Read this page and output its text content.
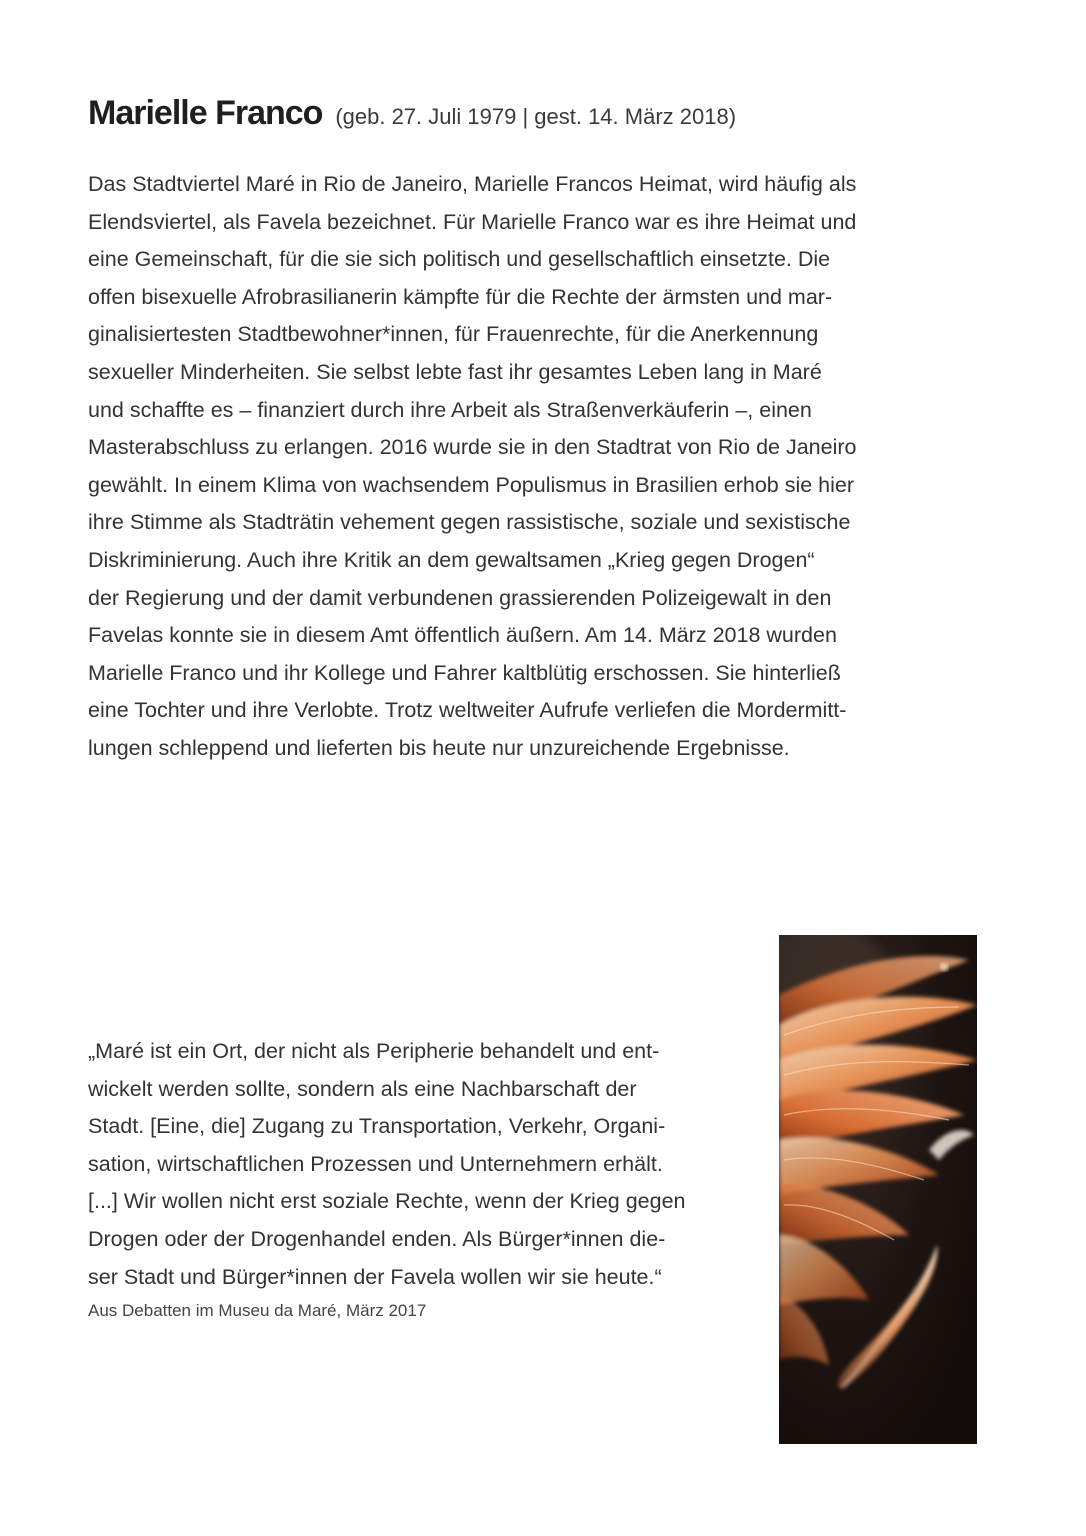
Marielle Franco (geb. 27. Juli 1979 | gest. 14. März 2018)

Das Stadtviertel Maré in Rio de Janeiro, Marielle Francos Heimat, wird häufig als
Elendsviertel, als Favela bezeichnet. Für Marielle Franco war es ihre Heimat und
eine Gemeinschaft, für die sie sich politisch und gesellschaftlich einsetzte. Die
offen bisexuelle Afrobrasilianerin kämpfte für die Rechte der ärmsten und mar-
ginalisiertesten Stadtbewohner*innen, für Frauenrechte, für die Anerkennung
sexueller Minderheiten. Sie selbst lebte fast ihr gesamtes Leben lang in Maré
und schaffte es – finanziert durch ihre Arbeit als Straßenverkäuferin –, einen
Masterabschluss zu erlangen. 2016 wurde sie in den Stadtrat von Rio de Janeiro
gewählt. In einem Klima von wachsendem Populismus in Brasilien erhob sie hier
ihre Stimme als Stadträtin vehement gegen rassistische, soziale und sexistische
Diskriminierung. Auch ihre Kritik an dem gewaltsamen „Krieg gegen Drogen“
der Regierung und der damit verbundenen grassierenden Polizeigewalt in den
Favelas konnte sie in diesem Amt öffentlich äußern. Am 14. März 2018 wurden
Marielle Franco und ihr Kollege und Fahrer kaltblütig erschossen. Sie hinterließ
eine Tochter und ihre Verlobte. Trotz weltweiter Aufrufe verliefen die Mordermitt-
lungen schleppend und lieferten bis heute nur unzureichende Ergebnisse.

„Maré ist ein Ort, der nicht als Peripherie behandelt und ent-
wickelt werden sollte, sondern als eine Nachbarschaft der
Stadt. [Eine, die] Zugang zu Transportation, Verkehr, Organi-
sation, wirtschaftlichen Prozessen und Unternehmern erhält.
[...] Wir wollen nicht erst soziale Rechte, wenn der Krieg gegen
Drogen oder der Drogenhandel enden. Als Bürger*innen die-
ser Stadt und Bürger*innen der Favela wollen wir sie heute.“

Aus Debatten im Museu da Maré, März 2017
